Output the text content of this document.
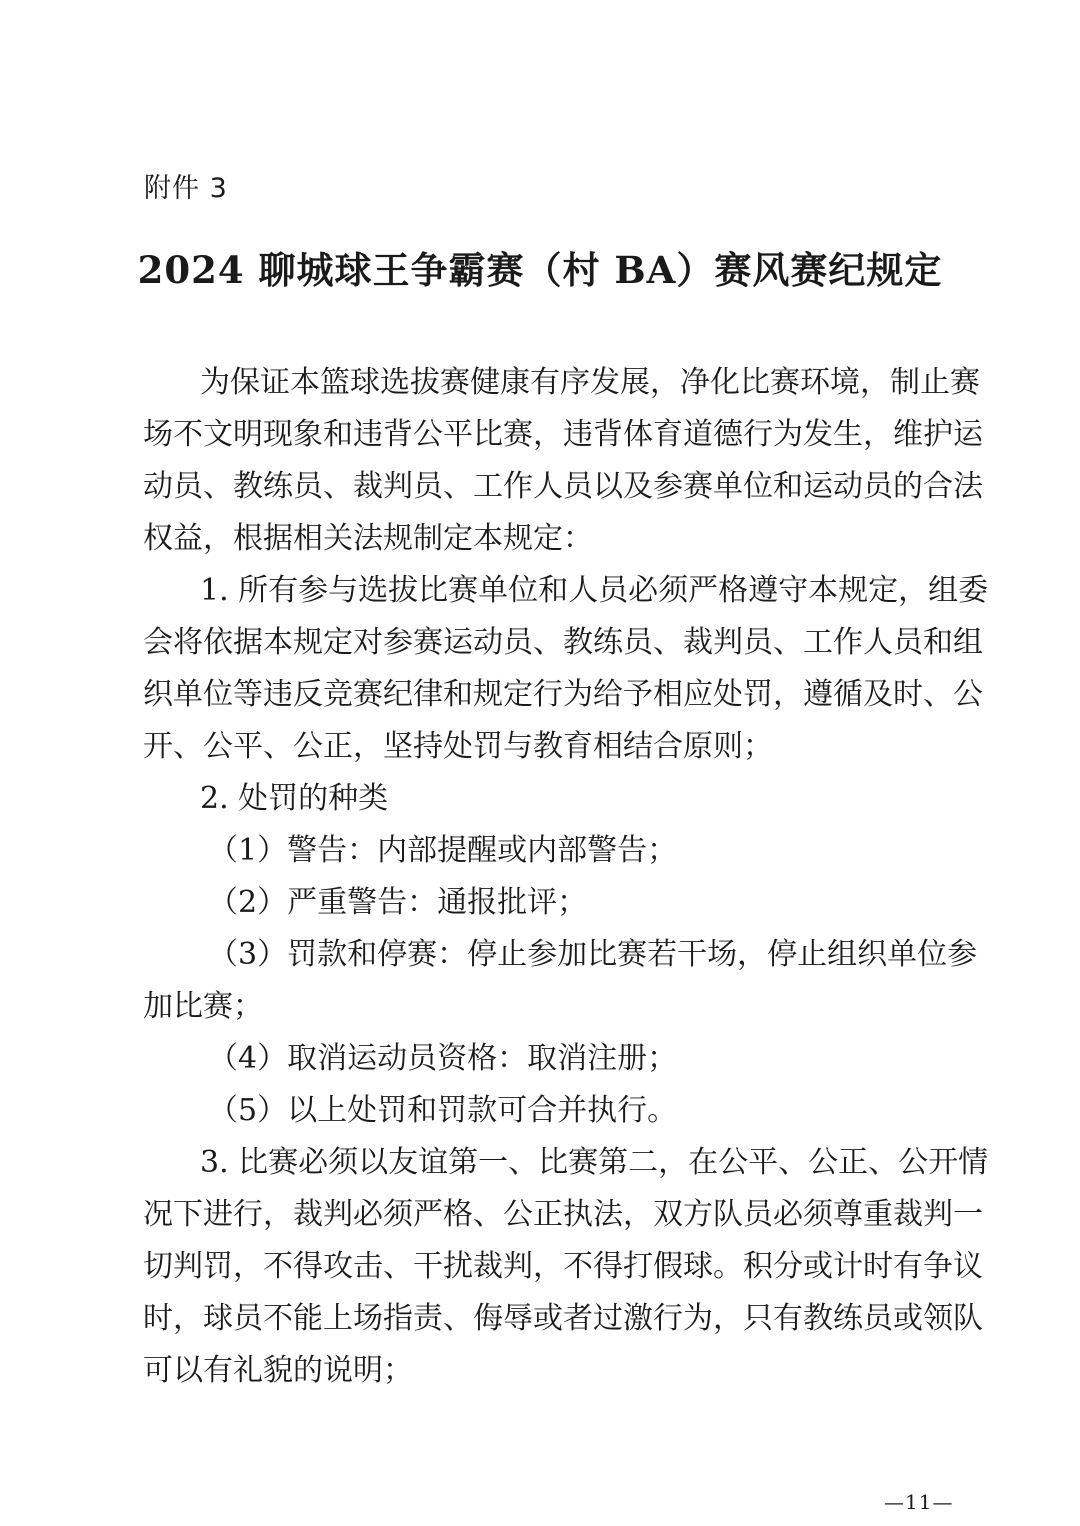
附件 3
2024 聊城球王争霸赛（村 BA）赛风赛纪规定
为保证本篮球选拔赛健康有序发展，净化比赛环境，制止赛
场不文明现象和违背公平比赛，违背体育道德行为发生，维护运
动员、教练员、裁判员、工作人员以及参赛单位和运动员的合法
权益，根据相关法规制定本规定：
1. 所有参与选拔比赛单位和人员必须严格遵守本规定，组委
会将依据本规定对参赛运动员、教练员、裁判员、工作人员和组
织单位等违反竞赛纪律和规定行为给予相应处罚，遵循及时、公
开、公平、公正，坚持处罚与教育相结合原则；
2. 处罚的种类
（1）警告：内部提醒或内部警告；
（2）严重警告：通报批评；
（3）罚款和停赛：停止参加比赛若干场，停止组织单位参
加比赛；
（4）取消运动员资格：取消注册；
（5）以上处罚和罚款可合并执行。
3. 比赛必须以友谊第一、比赛第二，在公平、公正、公开情
况下进行，裁判必须严格、公正执法，双方队员必须尊重裁判一
切判罚，不得攻击、干扰裁判，不得打假球。积分或计时有争议
时，球员不能上场指责、侮辱或者过激行为，只有教练员或领队
可以有礼貌的说明；
—11—
